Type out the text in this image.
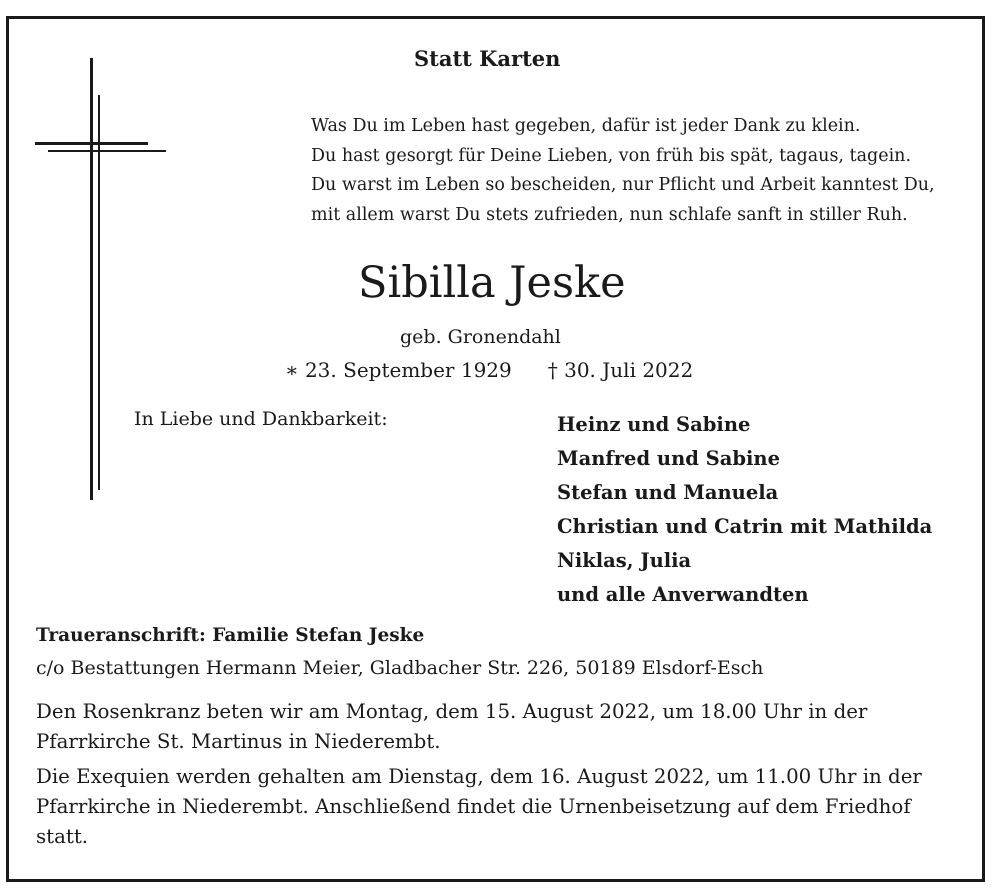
Statt Karten
Was Du im Leben hast gegeben, dafür ist jeder Dank zu klein.
Du hast gesorgt für Deine Lieben, von früh bis spät, tagaus, tagein.
Du warst im Leben so bescheiden, nur Pflicht und Arbeit kanntest Du,
mit allem warst Du stets zufrieden, nun schlafe sanft in stiller Ruh.
Sibilla Jeske
geb. Gronendahl
∗ 23. September 1929 † 30. Juli 2022
In Liebe und Dankbarkeit:	Heinz und Sabine
Manfred und Sabine
Stefan und Manuela
Christian und Catrin mit Mathilda
Niklas, Julia
und alle Anverwandten
Traueranschrift: Familie Stefan Jeske
c/o Bestattungen Hermann Meier, Gladbacher Str. 226, 50189 Elsdorf-Esch
Den Rosenkranz beten wir am Montag, dem 15. August 2022, um 18.00 Uhr in der Pfarrkirche St. Martinus in Niederembt.
Die Exequien werden gehalten am Dienstag, dem 16. August 2022, um 11.00 Uhr in der Pfarrkirche in Niederembt. Anschließend findet die Urnenbeisetzung auf dem Friedhof statt.
